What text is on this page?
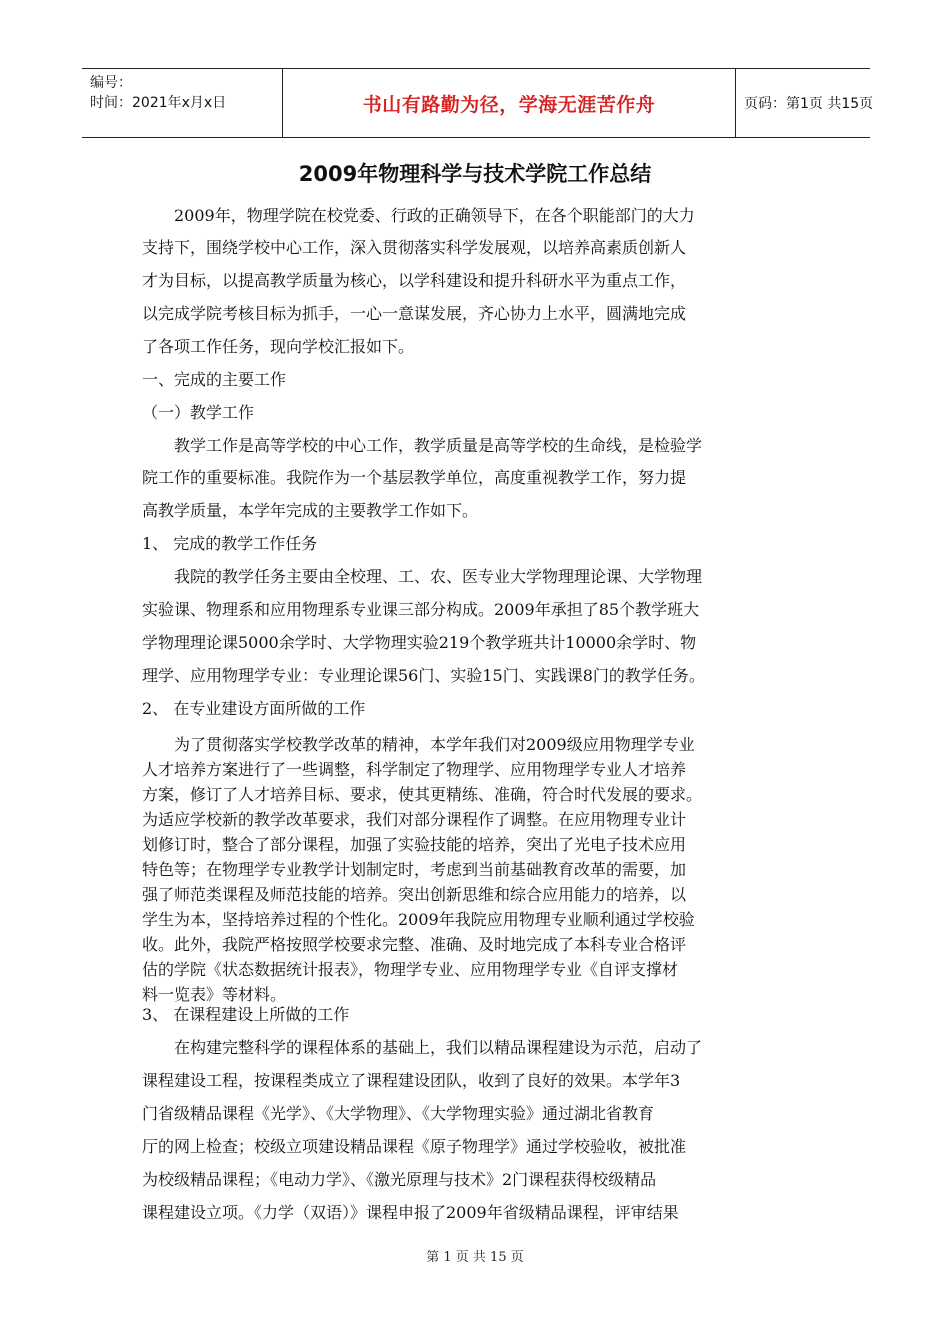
编号：
时间：2021年x月x日	书山有路勤为径，学海无涯苦作舟	页码：第1页 共15页
2009年物理科学与技术学院工作总结
　　2009年，物理学院在校党委、行政的正确领导下，在各个职能部门的大力
支持下，围绕学校中心工作，深入贯彻落实科学发展观，以培养高素质创新人
才为目标，以提高教学质量为核心，以学科建设和提升科研水平为重点工作，
以完成学院考核目标为抓手，一心一意谋发展，齐心协力上水平，圆满地完成
了各项工作任务，现向学校汇报如下。
一、完成的主要工作
（一）教学工作
　　教学工作是高等学校的中心工作，教学质量是高等学校的生命线，是检验学
院工作的重要标准。我院作为一个基层教学单位，高度重视教学工作，努力提
高教学质量，本学年完成的主要教学工作如下。
1、 完成的教学工作任务
　　我院的教学任务主要由全校理、工、农、医专业大学物理理论课、大学物理
实验课、物理系和应用物理系专业课三部分构成。2009年承担了85个教学班大
学物理理论课5000余学时、大学物理实验219个教学班共计10000余学时、物
理学、应用物理学专业：专业理论课56门、实验15门、实践课8门的教学任务。
2、 在专业建设方面所做的工作
　　为了贯彻落实学校教学改革的精神，本学年我们对2009级应用物理学专业
人才培养方案进行了一些调整，科学制定了物理学、应用物理学专业人才培养
方案，修订了人才培养目标、要求，使其更精练、准确，符合时代发展的要求。
为适应学校新的教学改革要求，我们对部分课程作了调整。在应用物理专业计
划修订时，整合了部分课程，加强了实验技能的培养，突出了光电子技术应用
特色等；在物理学专业教学计划制定时，考虑到当前基础教育改革的需要，加
强了师范类课程及师范技能的培养。突出创新思维和综合应用能力的培养，以
学生为本，坚持培养过程的个性化。2009年我院应用物理专业顺利通过学校验
收。此外，我院严格按照学校要求完整、准确、及时地完成了本科专业合格评
估的学院《状态数据统计报表》，物理学专业、应用物理学专业《自评支撑材
料一览表》等材料。
3、 在课程建设上所做的工作
　　在构建完整科学的课程体系的基础上，我们以精品课程建设为示范，启动了
课程建设工程，按课程类成立了课程建设团队，收到了良好的效果。本学年3
门省级精品课程《光学》、《大学物理》、《大学物理实验》通过湖北省教育
厅的网上检查；校级立项建设精品课程《原子物理学》通过学校验收，被批准
为校级精品课程；《电动力学》、《激光原理与技术》2门课程获得校级精品
课程建设立项。《力学（双语）》课程申报了2009年省级精品课程，评审结果
第 1 页 共 15 页
